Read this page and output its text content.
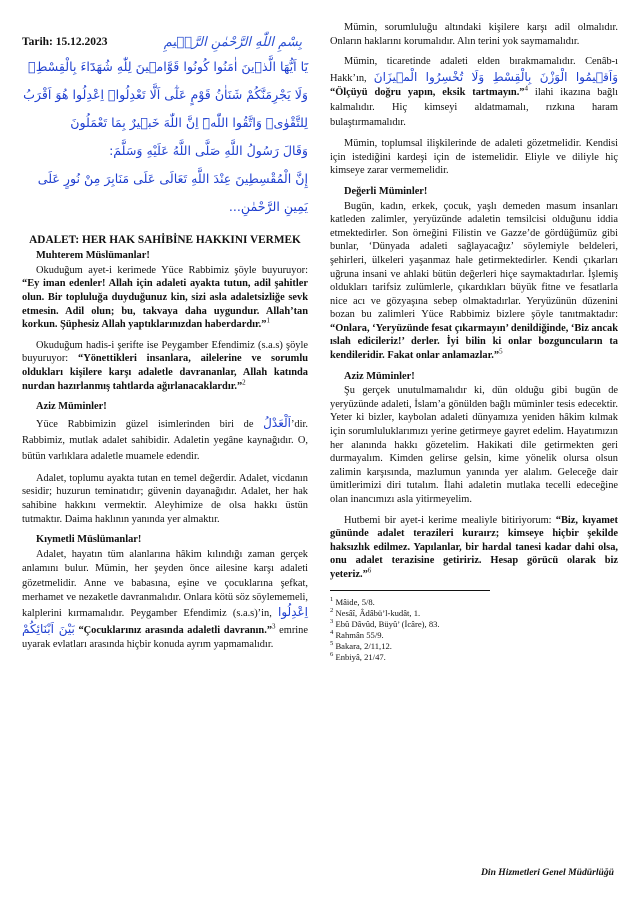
Tarih: 15.12.2023	بِسْمِ اللّٰهِ الرَّحْمٰنِ الرَّح۪يمِ

يَٓا اَيُّهَا الَّذ۪ينَ اٰمَنُوا كُونُوا قَوَّام۪ينَ لِلّٰهِ شُهَدَٓاءَ بِالْقِسْطِۘ وَلَا يَجْرِمَنَّكُمْ شَنَاٰنُ قَوْمٍ عَلٰٓى اَلَّا تَعْدِلُواۜ اِعْدِلُوا هُوَ اَقْرَبُ لِلتَّقْوٰىۘ وَاتَّقُوا اللّٰهَۜ اِنَّ اللّٰهَ خَب۪يرٌ بِمَا تَعْمَلُونَ

وَقَالَ رَسُولُ اللَّهِ صَلَّى اللَّهُ عَلَيْهِ وَسَلَّمَ:

إِنَّ الْمُقْسِطِينَ عِنْدَ اللَّهِ تَعَالَى عَلَى مَنَابِرَ مِنْ نُورٍ عَلَى يَمِينِ الرَّحْمٰنِ...

ADALET: HER HAK SAHİBİNE HAKKINI VERMEK

Muhterem Müslümanlar!

Okuduğum ayet-i kerimede Yüce Rabbimiz şöyle buyuruyor: “Ey iman edenler! Allah için adaleti ayakta tutun, adil şahitler olun. Bir topluluğa duyduğunuz kin, sizi asla adaletsizliğe sevk etmesin. Adil olun; bu, takvaya daha uygundur. Allah’tan korkun. Şüphesiz Allah yaptıklarınızdan haberdardır.”$^1$

Okuduğum hadis-i şerifte ise Peygamber Efendimiz (s.a.s) şöyle buyuruyor: “Yönettikleri insanlara, ailelerine ve sorumlu oldukları kişilere karşı adaletle davrananlar, Allah katında nurdan hazırlanmış tahtlarda ağırlanacaklardır.”$^2$

Aziz Müminler!

Yüce Rabbimizin güzel isimlerinden biri de اَلْعَدْلُ’dir. Rabbimiz, mutlak adalet sahibidir. Adaletin yegâne kaynağıdır. O, bütün varlıklara adaletle muamele edendir.

Adalet, toplumu ayakta tutan en temel değerdir. Adalet, vicdanın sesidir; huzurun teminatıdır; güvenin dayanağıdır. Adalet, her hak sahibine hakkını vermektir. Aleyhimize de olsa hakkı üstün tutmaktır. Daima haklının yanında yer almaktır.

Kıymetli Müslümanlar!

Adalet, hayatın tüm alanlarına hâkim kılındığı zaman gerçek anlamını bulur. Mümin, her şeyden önce ailesine karşı adaleti gözetmelidir. Anne ve babasına, eşine ve çocuklarına şefkat, merhamet ve nezaketle davranmalıdır. Onlara kötü söz söylememeli, kalplerini kırmamalıdır. Peygamber Efendimiz (s.a.s)’in, اِعْدِلُوا بَيْنَ اَبْنَائِكُمْ “Çocuklarınız arasında adaletli davranın.”$^3$ emrine uyarak evlatları arasında hiçbir konuda ayrım yapmamalıdır.

Mümin, sorumluluğu altındaki kişilere karşı adil olmalıdır. Onların haklarını korumalıdır. Alın terini yok saymamalıdır.

Mümin, ticaretinde adaleti elden bırakmamalıdır. Cenâb-ı Hakk’ın, وَاَق۪يمُوا الْوَزْنَ بِالْقِسْطِ وَلَا تُخْسِرُوا الْم۪يزَانَ “Ölçüyü doğru yapın, eksik tartmayın.”$^4$ ilahi ikazına bağlı kalmalıdır. Hiç kimseyi aldatmamalı, rızkına haram bulaştırmamalıdır.

Mümin, toplumsal ilişkilerinde de adaleti gözetmelidir. Kendisi için istediğini kardeşi için de istemelidir. Eliyle ve diliyle hiç kimseye zarar vermemelidir.

Değerli Müminler!

Bugün, kadın, erkek, çocuk, yaşlı demeden masum insanları katleden zalimler, yeryüzünde adaletin temsilcisi olduğunu iddia etmektedirler. Son örneğini Filistin ve Gazze’de gördüğümüz gibi bunlar, ‘Dünyada adaleti sağlayacağız’ söylemiyle beldeleri, şehirleri, ülkeleri yaşanmaz hale getirmektedirler. Kendi çıkarları uğruna insani ve ahlaki bütün değerleri hiçe saymaktadırlar. İşlemiş oldukları tarifsiz zulümlerle, çıkardıkları büyük fitne ve fesatlarla nice acı ve gözyaşına sebep olmaktadırlar. Yeryüzünün düzenini bozan bu zalimleri Yüce Rabbimiz bizlere şöyle tanıtmaktadır: “Onlara, ‘Yeryüzünde fesat çıkarmayın’ denildiğinde, ‘Biz ancak ıslah edicileriz!’ derler. İyi bilin ki onlar bozguncuların ta kendileridir. Fakat onlar anlamazlar.”$^5$

Aziz Müminler!

Şu gerçek unutulmamalıdır ki, dün olduğu gibi bugün de yeryüzünde adaleti, İslam’a gönülden bağlı müminler tesis edecektir. Yeter ki bizler, kaybolan adaleti dünyamıza yeniden hâkim kılmak için sorumluluklarımızı yerine getirmeye gayret edelim. Hayatımızın her alanında hakkı gözetelim. Hakikati dile getirmekten geri durmayalım. Kimden gelirse gelsin, kime yönelik olursa olsun zalimin karşısında, mazlumun yanında yer alalım. Geleceğe dair ümitlerimizi diri tutalım. İlahi adaletin mutlaka tecelli edeceğine olan inancımızı asla yitirmeyelim.

Hutbemi bir ayet-i kerime mealiyle bitiriyorum: “Biz, kıyamet gününde adalet terazileri kuraırz; kimseye hiçbir şekilde haksızlık edilmez. Yapılanlar, bir hardal tanesi kadar dahi olsa, onu adalet terazisine getiririz. Hesap görücü olarak biz yeteriz.”$^6$

$^1$ Mâide, 5/8.

$^2$ Nesâî, Âdâbü’l-kudât, 1.

$^3$ Ebû Dâvûd, Büyû’ (İcâre), 83.

$^4$ Rahmân 55/9.

$^5$ Bakara, 2/11,12.

$^6$ Enbiyâ, 21/47.

Din Hizmetleri Genel Müdürlüğü
